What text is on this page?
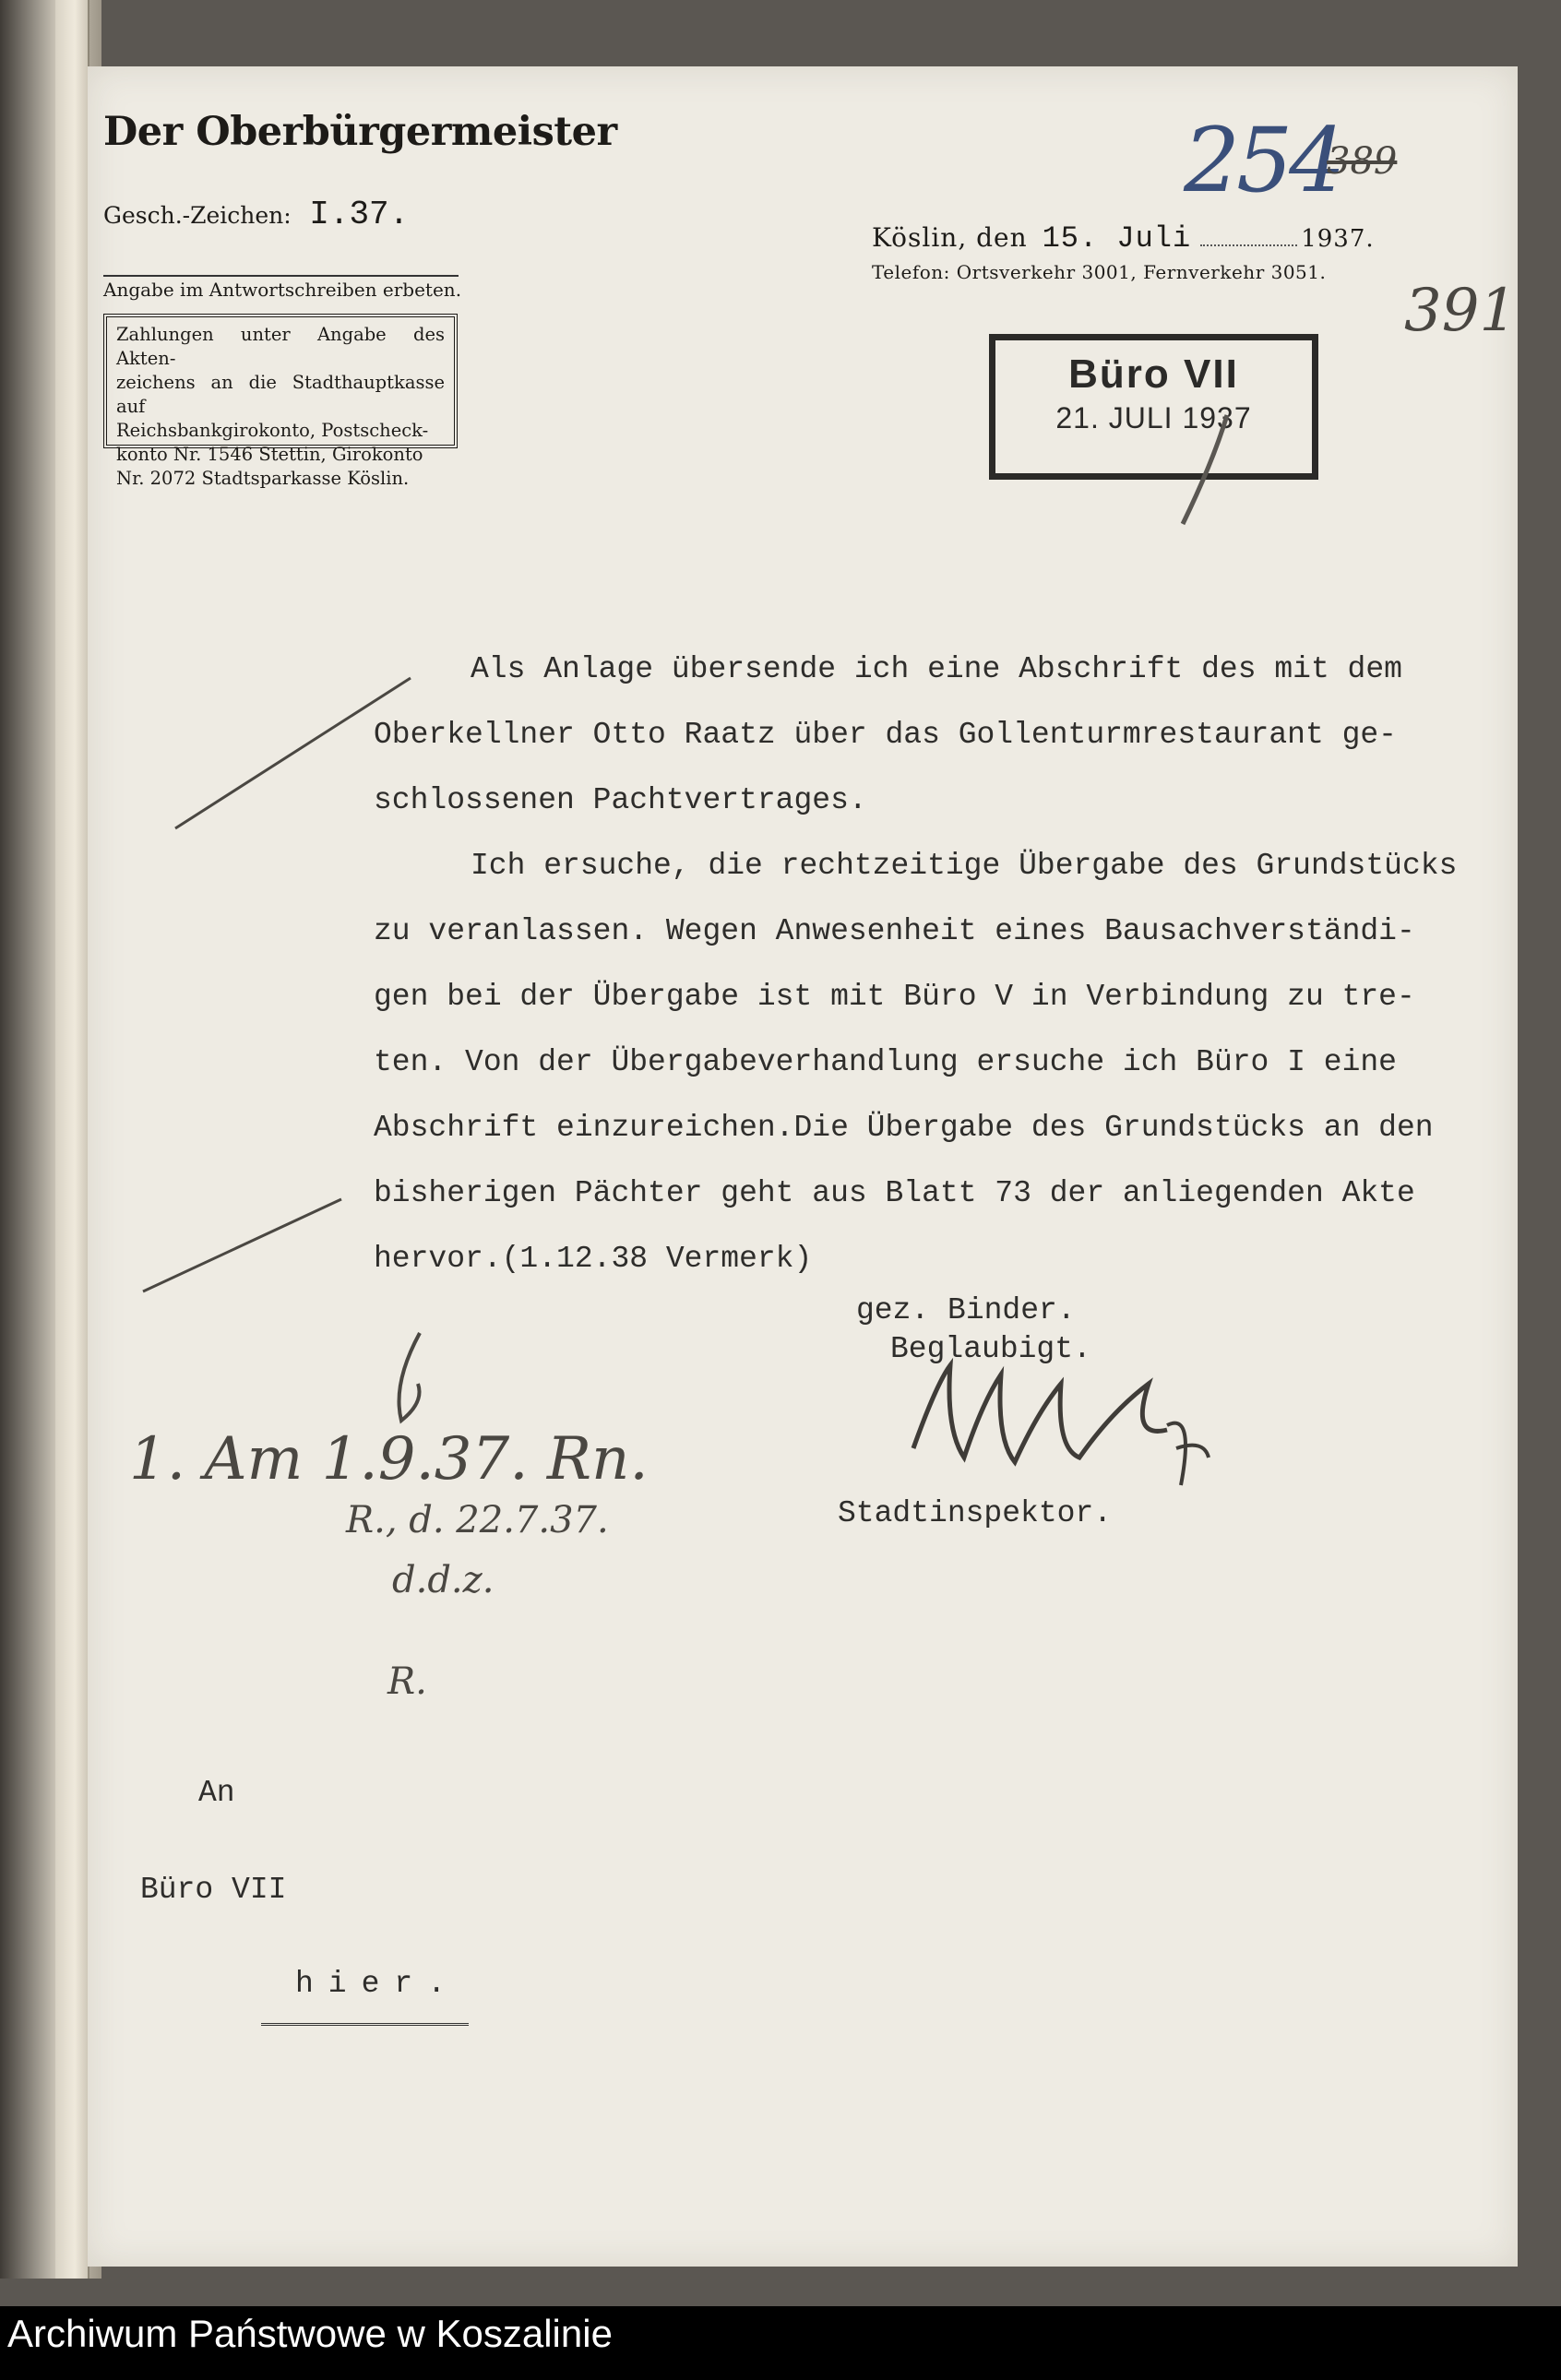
Der Oberbürgermeister
Gesch.-Zeichen: I.37.
Angabe im Antwortschreiben erbeten.
Zahlungen unter Angabe des Akten-
zeichens an die Stadthauptkasse auf
Reichsbankgirokonto, Postscheck-
konto Nr. 1546 Stettin, Girokonto
Nr. 2072 Stadtsparkasse Köslin.
Köslin, den 15. Juli	1937.
Telefon: Ortsverkehr 3001, Fernverkehr 3051.
254
389
391
Büro VII
21. JULI 1937

Als Anlage übersende ich eine Abschrift des mit dem

Oberkellner Otto Raatz über das Gollenturmrestaurant ge-

schlossenen Pachtvertrages.

Ich ersuche, die rechtzeitige Übergabe des Grundstücks

zu veranlassen. Wegen Anwesenheit eines Bausachverständi-

gen bei der Übergabe ist mit Büro V in Verbindung zu tre-

ten. Von der Übergabeverhandlung ersuche ich Büro I eine

Abschrift einzureichen.Die Übergabe des Grundstücks an den

bisherigen Pächter geht aus Blatt 73 der anliegenden Akte

hervor.(1.12.38 Vermerk)

gez. Binder.
Beglaubigt.
Stadtinspektor.
1. Am 1.9.37. Rn.
R., d. 22.7.37.
d.d.z.
R.
An
Büro VII
hier.
Archiwum Państwowe w Koszalinie
